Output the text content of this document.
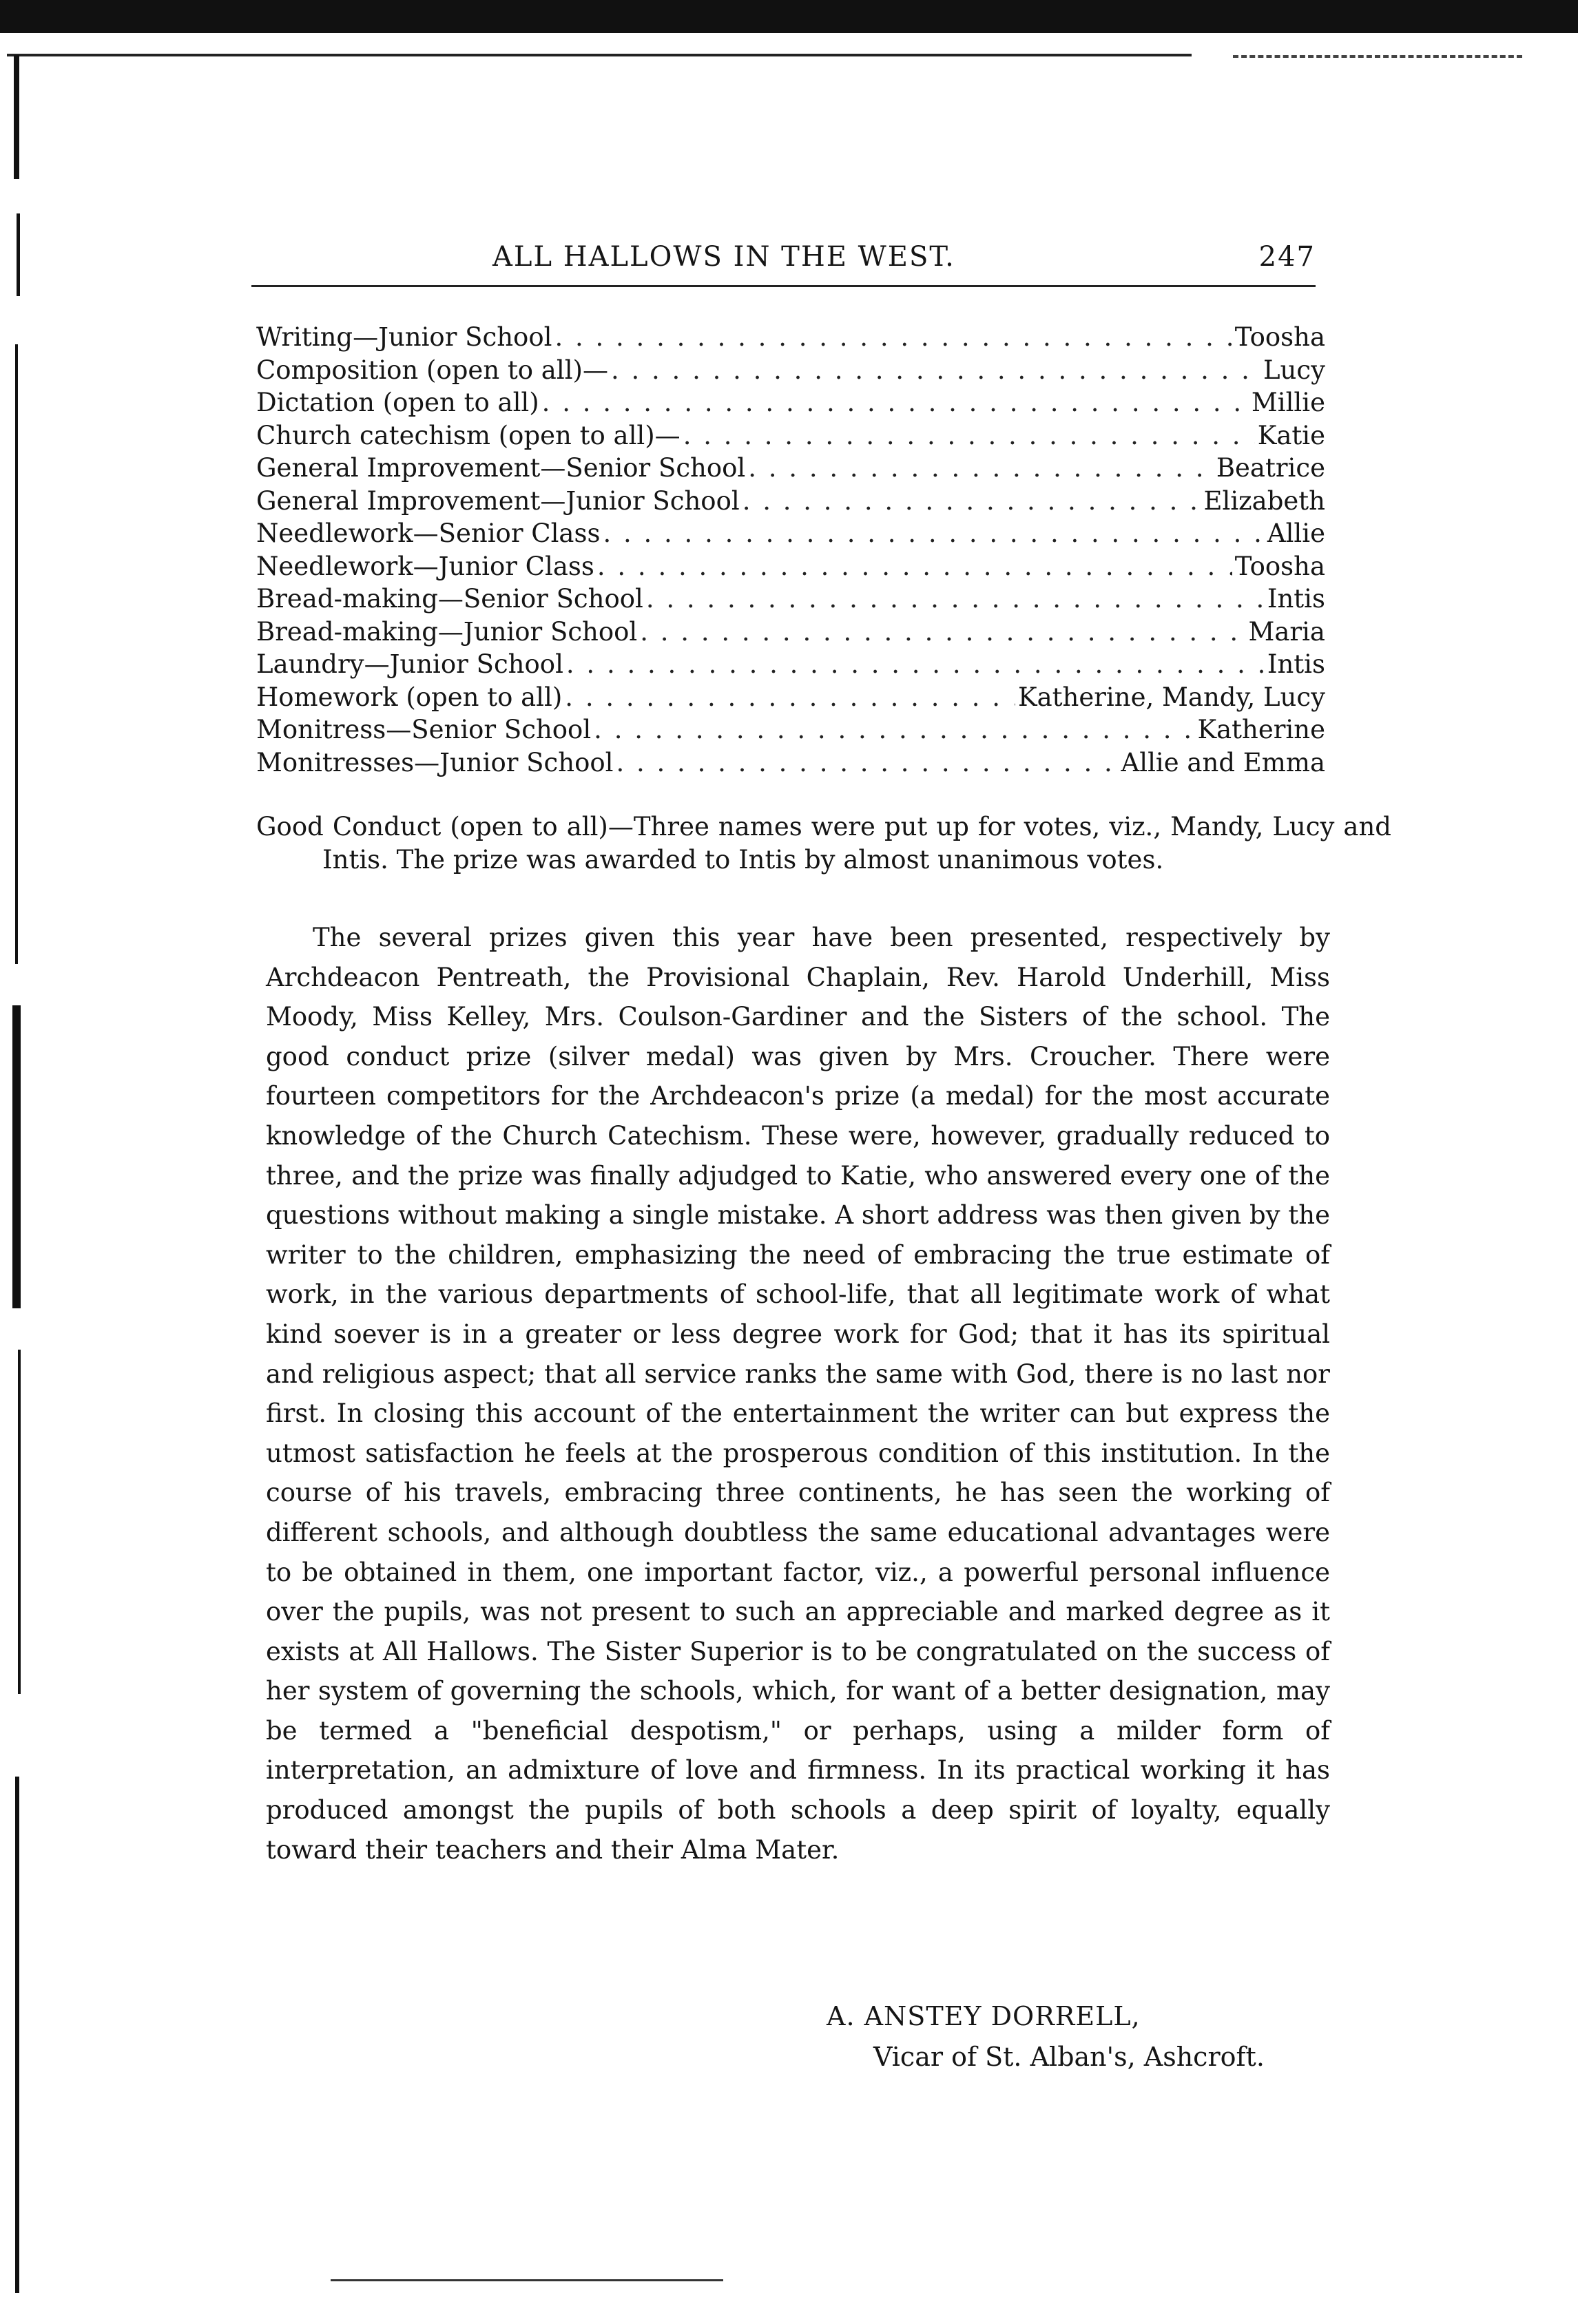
ALL HALLOWS IN THE WEST.	247
Writing—Junior School . . .	Toosha
Composition (open to all)— . . .	Lucy
Dictation (open to all) . . .	Millie
Church catechism (open to all)— . . .	Katie
General Improvement—Senior School . . .	Beatrice
General Improvement—Junior School . . .	Elizabeth
Needlework—Senior Class . . .	Allie
Needlework—Junior Class . . .	Toosha
Bread-making—Senior School . . .	Intis
Bread-making—Junior School . . .	Maria
Laundry—Junior School . . .	Intis
Homework (open to all) . . .	Katherine, Mandy, Lucy
Monitress—Senior School . . .	Katherine
Monitresses—Junior School . . .	Allie and Emma

Good Conduct (open to all)—Three names were put up for votes, viz., Mandy, Lucy and Intis. The prize was awarded to Intis by almost unanimous votes.

The several prizes given this year have been presented, respectively by Archdeacon Pentreath, the Provisional Chaplain, Rev. Harold Underhill, Miss Moody, Miss Kelley, Mrs. Coulson-Gardiner and the Sisters of the school. The good conduct prize (silver medal) was given by Mrs. Croucher. There were fourteen competitors for the Archdeacon's prize (a medal) for the most accurate knowledge of the Church Catechism. These were, however, gradually reduced to three, and the prize was finally adjudged to Katie, who answered every one of the questions without making a single mistake. A short address was then given by the writer to the children, emphasizing the need of embracing the true estimate of work, in the various departments of school-life, that all legitimate work of what kind soever is in a greater or less degree work for God; that it has its spiritual and religious aspect; that all service ranks the same with God, there is no last nor first. In closing this account of the entertainment the writer can but express the utmost satisfaction he feels at the prosperous condition of this institution. In the course of his travels, embracing three continents, he has seen the working of different schools, and although doubtless the same educational advantages were to be obtained in them, one important factor, viz., a powerful personal influence over the pupils, was not present to such an appreciable and marked degree as it exists at All Hallows. The Sister Superior is to be congratulated on the success of her system of governing the schools, which, for want of a better designation, may be termed a "beneficial despotism," or perhaps, using a milder form of interpretation, an admixture of love and firmness. In its practical working it has produced amongst the pupils of both schools a deep spirit of loyalty, equally toward their teachers and their Alma Mater.

A. ANSTEY DORRELL,
Vicar of St. Alban's, Ashcroft.
